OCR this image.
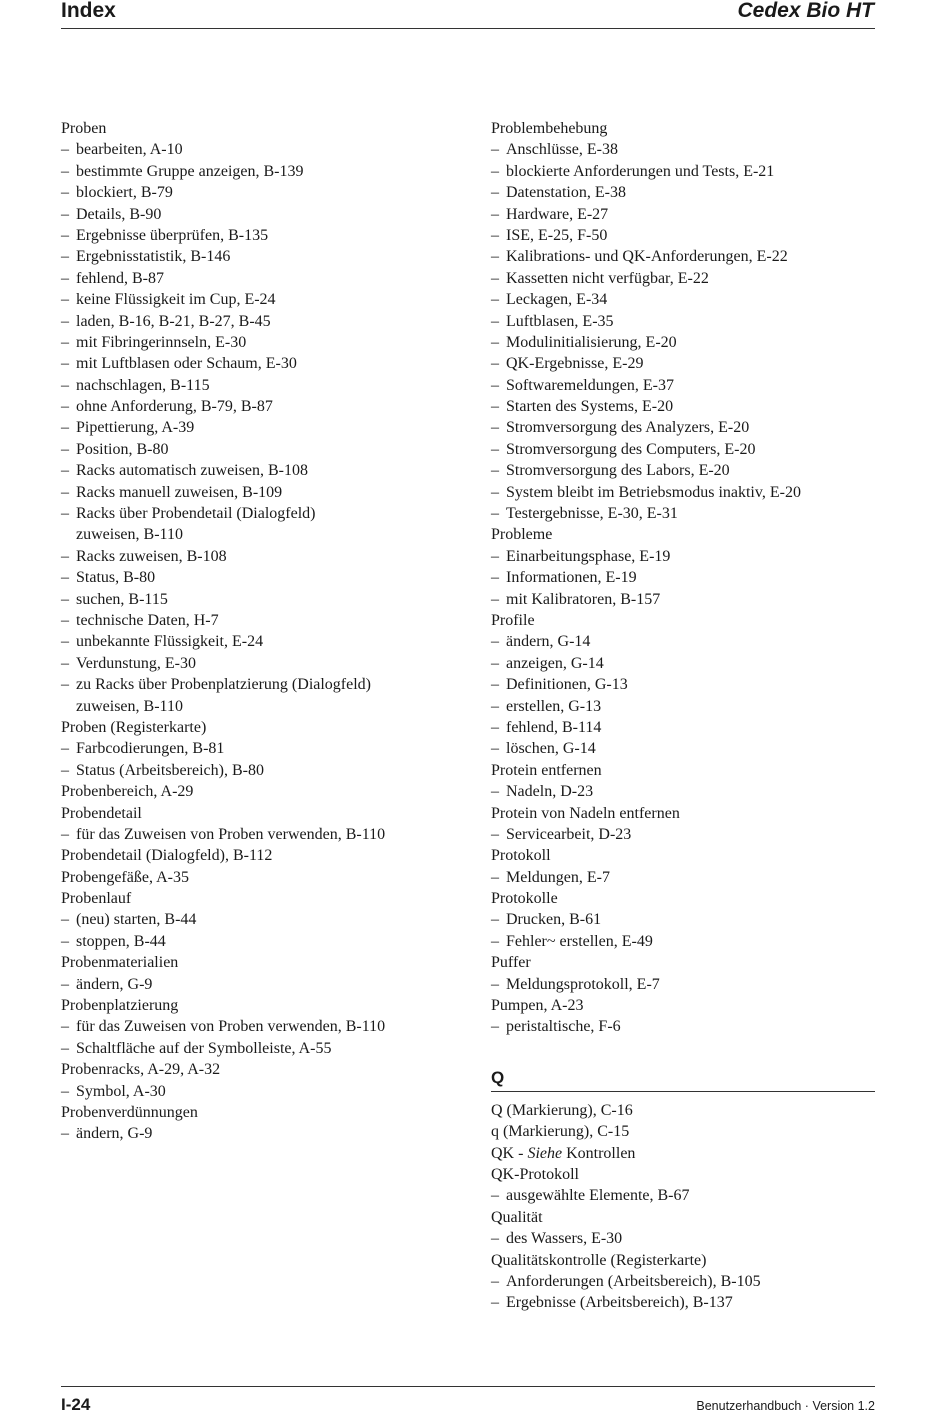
Index	Cedex Bio HT
Proben
– bearbeiten, A-10
– bestimmte Gruppe anzeigen, B-139
– blockiert, B-79
– Details, B-90
– Ergebnisse überprüfen, B-135
– Ergebnisstatistik, B-146
– fehlend, B-87
– keine Flüssigkeit im Cup, E-24
– laden, B-16, B-21, B-27, B-45
– mit Fibringerinnseln, E-30
– mit Luftblasen oder Schaum, E-30
– nachschlagen, B-115
– ohne Anforderung, B-79, B-87
– Pipettierung, A-39
– Position, B-80
– Racks automatisch zuweisen, B-108
– Racks manuell zuweisen, B-109
– Racks über Probendetail (Dialogfeld)
zuweisen, B-110
– Racks zuweisen, B-108
– Status, B-80
– suchen, B-115
– technische Daten, H-7
– unbekannte Flüssigkeit, E-24
– Verdunstung, E-30
– zu Racks über Probenplatzierung (Dialogfeld)
zuweisen, B-110
Proben (Registerkarte)
– Farbcodierungen, B-81
– Status (Arbeitsbereich), B-80
Probenbereich, A-29
Probendetail
– für das Zuweisen von Proben verwenden, B-110
Probendetail (Dialogfeld), B-112
Probengefäße, A-35
Probenlauf
– (neu) starten, B-44
– stoppen, B-44
Probenmaterialien
– ändern, G-9
Probenplatzierung
– für das Zuweisen von Proben verwenden, B-110
– Schaltfläche auf der Symbolleiste, A-55
Probenracks, A-29, A-32
– Symbol, A-30
Probenverdünnungen
– ändern, G-9
Problembehebung
– Anschlüsse, E-38
– blockierte Anforderungen und Tests, E-21
– Datenstation, E-38
– Hardware, E-27
– ISE, E-25, F-50
– Kalibrations- und QK-Anforderungen, E-22
– Kassetten nicht verfügbar, E-22
– Leckagen, E-34
– Luftblasen, E-35
– Modulinitialisierung, E-20
– QK-Ergebnisse, E-29
– Softwaremeldungen, E-37
– Starten des Systems, E-20
– Stromversorgung des Analyzers, E-20
– Stromversorgung des Computers, E-20
– Stromversorgung des Labors, E-20
– System bleibt im Betriebsmodus inaktiv, E-20
– Testergebnisse, E-30, E-31
Probleme
– Einarbeitungsphase, E-19
– Informationen, E-19
– mit Kalibratoren, B-157
Profile
– ändern, G-14
– anzeigen, G-14
– Definitionen, G-13
– erstellen, G-13
– fehlend, B-114
– löschen, G-14
Protein entfernen
– Nadeln, D-23
Protein von Nadeln entfernen
– Servicearbeit, D-23
Protokoll
– Meldungen, E-7
Protokolle
– Drucken, B-61
– Fehler~ erstellen, E-49
Puffer
– Meldungsprotokoll, E-7
Pumpen, A-23
– peristaltische, F-6
Q
Q (Markierung), C-16
q (Markierung), C-15
QK - Siehe Kontrollen
QK-Protokoll
– ausgewählte Elemente, B-67
Qualität
– des Wassers, E-30
Qualitätskontrolle (Registerkarte)
– Anforderungen (Arbeitsbereich), B-105
– Ergebnisse (Arbeitsbereich), B-137
I-24	Benutzerhandbuch · Version 1.2
